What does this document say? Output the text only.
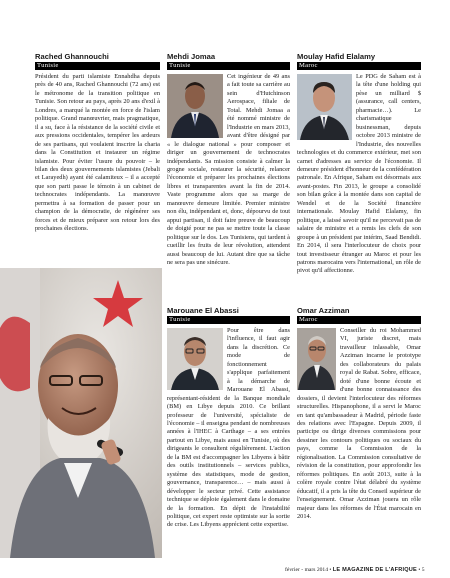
Rached Ghannouchi
Tunisie

Président du parti islamiste Ennahdha depuis près de 40 ans, Rached Ghannouchi (72 ans) est le métronome de la transition politique en Tunisie. Son retour au pays, après 20 ans d'exil à Londres, a marqué la montée en force de l'islam politique. Grand manœuvrier, mais pragmatique, il a su, face à la résistance de la société civile et aux pressions occidentales, tempérer les ardeurs de ses partisans, qui voulaient inscrire la charia dans la Constitution et instaurer un régime islamiste. Pour éviter l'usure du pouvoir – le bilan des deux gouvernements islamistes (Jebali et Larayedh) ayant été calamiteux – il a accepté que son parti passe le témoin à un cabinet de technocrates indépendants. La manœuvre permettra à sa formation de passer pour un champion de la démocratie, de régénérer ses forces et de mieux préparer son retour lors des prochaines élections.

Mehdi Jomaa
Tunisie

Cet ingénieur de 49 ans a fait toute sa carrière au sein d'Hutchinson Aerospace, filiale de Total. Mehdi Jomaa a été nommé ministre de l'Industrie en mars 2013, avant d'être désigné par « le dialogue national » pour composer et diriger un gouvernement de technocrates indépendants. Sa mission consiste à calmer la grogne sociale, restaurer la sécurité, relancer l'économie et préparer les prochaines élections libres et transparentes avant la fin de 2014. Vaste programme alors que sa marge de manœuvre demeure limitée. Premier ministre non élu, indépendant et, donc, dépourvu de tout appui partisan, il doit faire preuve de beaucoup de doigté pour ne pas se mettre toute la classe politique sur le dos. Les Tunisiens, qui tardent à cueillir les fruits de leur révolution, attendent aussi beaucoup de lui. Autant dire que sa tâche ne sera pas une sinécure.

Marouane El Abassi
Tunisie

Pour être dans l'influence, il faut agir dans la discrétion. Ce mode de fonctionnement s'applique parfaitement à la démarche de Marouane El Abassi, représentant-résident de la Banque mondiale (BM) en Libye depuis 2010. Ce brillant professeur de l'université, spécialiste de l'économie – il enseigna pendant de nombreuses années à l'IHEC à Carthage – a ses entrées partout en Libye, mais aussi en Tunisie, où des dirigeants le consultent régulièrement. L'action de la BM est d'accompagner les Libyens à bâtir des outils institutionnels – services publics, système des statistiques, mode de gestion, gouvernance, transparence… – mais aussi à développer le secteur privé. Cette assistance technique se déploie également dans le domaine de la formation. En dépit de l'instabilité politique, cet expert reste optimiste sur la sortie de crise. Les Libyens apprécient cette expertise.

Moulay Hafid Elalamy
Maroc

Le PDG de Saham est à la tête d'une holding qui pèse un milliard $ (assurance, call centers, pharmacie…). Le charismatique businessman, depuis octobre 2013 ministre de l'Industrie, des nouvelles technologies et du commerce extérieur, met son carnet d'adresses au service de l'économie. Il demeure président d'honneur de la confédération patronale. En Afrique, Saham est désormais aux avant-postes. Fin 2013, le groupe a consolidé son bilan grâce à la montée dans son capital de Wendel et de la Société financière internationale. Moulay Hafid Elalamy, fin politique, a laissé savoir qu'il ne percevait pas de salaire de ministre et a remis les clefs de son groupe à un président par intérim, Saad Bendidi. En 2014, il sera l'interlocuteur de choix pour tout investisseur étranger au Maroc et pour les patrons marocains vers l'international, un rôle de pivot qu'il affectionne.

Omar Azziman
Maroc

Conseiller du roi Mohammed VI, juriste discret, mais travailleur inlassable, Omar Azziman incarne le prototype des collaborateurs du palais royal de Rabat. Sobre, efficace, doté d'une bonne écoute et d'une bonne connaissance des dossiers, il devient l'interlocuteur des réformes structurelles. Hispanophone, il a servi le Maroc en tant qu'ambassadeur à Madrid, période faste des relations avec l'Espagne. Depuis 2009, il participe ou dirige diverses commissions pour dessiner les contours politiques ou sociaux du pays, comme la Commission de la régionalisation. La Commission consultative de révision de la constitution, pour approfondir les réformes politiques. En août 2013, suite à la colère royale contre l'état délabré du système éducatif, il a pris la tête du Conseil supérieur de l'enseignement. Omar Azziman jouera un rôle majeur dans les réformes de l'État marocain en 2014.

février - mars 2014 • LE MAGAZINE DE L'AFRIQUE • 5
